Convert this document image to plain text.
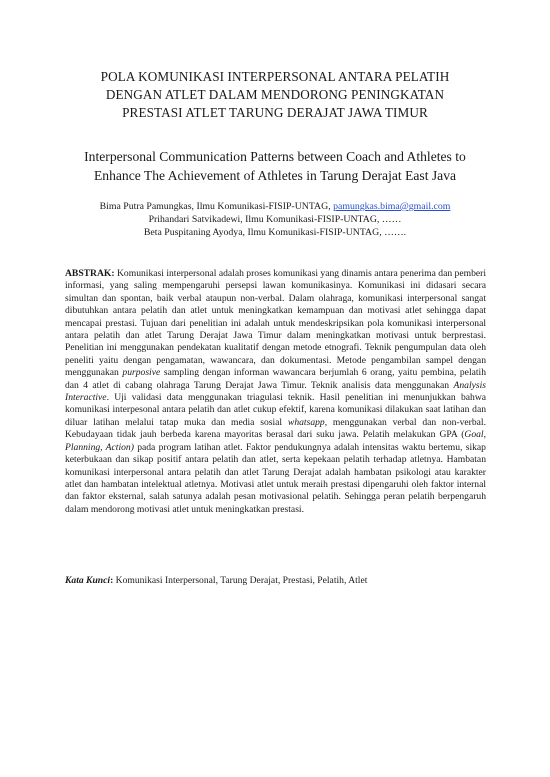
POLA KOMUNIKASI INTERPERSONAL ANTARA PELATIH
DENGAN ATLET DALAM MENDORONG PENINGKATAN
PRESTASI ATLET TARUNG DERAJAT JAWA TIMUR
Interpersonal Communication Patterns between Coach and Athletes to
Enhance The Achievement of Athletes in Tarung Derajat East Java
Bima Putra Pamungkas, Ilmu Komunikasi-FISIP-UNTAG, pamungkas.bima@gmail.com
Prihandari Satvikadewi, Ilmu Komunikasi-FISIP-UNTAG, ……
Beta Puspitaning Ayodya, Ilmu Komunikasi-FISIP-UNTAG, …….

ABSTRAK: Komunikasi interpersonal adalah proses komunikasi yang dinamis antara penerima dan pemberi informasi, yang saling mempengaruhi persepsi lawan komunikasinya. Komunikasi ini didasari secara simultan dan spontan, baik verbal ataupun non-verbal. Dalam olahraga, komunikasi interpersonal sangat dibutuhkan antara pelatih dan atlet untuk meningkatkan kemampuan dan motivasi atlet sehingga dapat mencapai prestasi. Tujuan dari penelitian ini adalah untuk mendeskripsikan pola komunikasi interpersonal antara pelatih dan atlet Tarung Derajat Jawa Timur dalam meningkatkan motivasi untuk berprestasi. Penelitian ini menggunakan pendekatan kualitatif dengan metode etnografi. Teknik pengumpulan data oleh peneliti yaitu dengan pengamatan, wawancara, dan dokumentasi. Metode pengambilan sampel dengan menggunakan purposive sampling dengan informan wawancara berjumlah 6 orang, yaitu pembina, pelatih dan 4 atlet di cabang olahraga Tarung Derajat Jawa Timur. Teknik analisis data menggunakan Analysis Interactive. Uji validasi data menggunakan triagulasi teknik. Hasil penelitian ini menunjukkan bahwa komunikasi interpesonal antara pelatih dan atlet cukup efektif, karena komunikasi dilakukan saat latihan dan diluar latihan melalui tatap muka dan media sosial whatsapp, menggunakan verbal dan non-verbal. Kebudayaan tidak jauh berbeda karena mayoritas berasal dari suku jawa. Pelatih melakukan GPA (Goal, Planning, Action) pada program latihan atlet. Faktor pendukungnya adalah intensitas waktu bertemu, sikap keterbukaan dan sikap positif antara pelatih dan atlet, serta kepekaan pelatih terhadap atletnya. Hambatan komunikasi interpersonal antara pelatih dan atlet Tarung Derajat adalah hambatan psikologi atau karakter atlet dan hambatan intelektual atletnya. Motivasi atlet untuk meraih prestasi dipengaruhi oleh faktor internal dan faktor eksternal, salah satunya adalah pesan motivasional pelatih. Sehingga peran pelatih berpengaruh dalam mendorong motivasi atlet untuk meningkatkan prestasi.

Kata Kunci: Komunikasi Interpersonal, Tarung Derajat, Prestasi, Pelatih, Atlet
